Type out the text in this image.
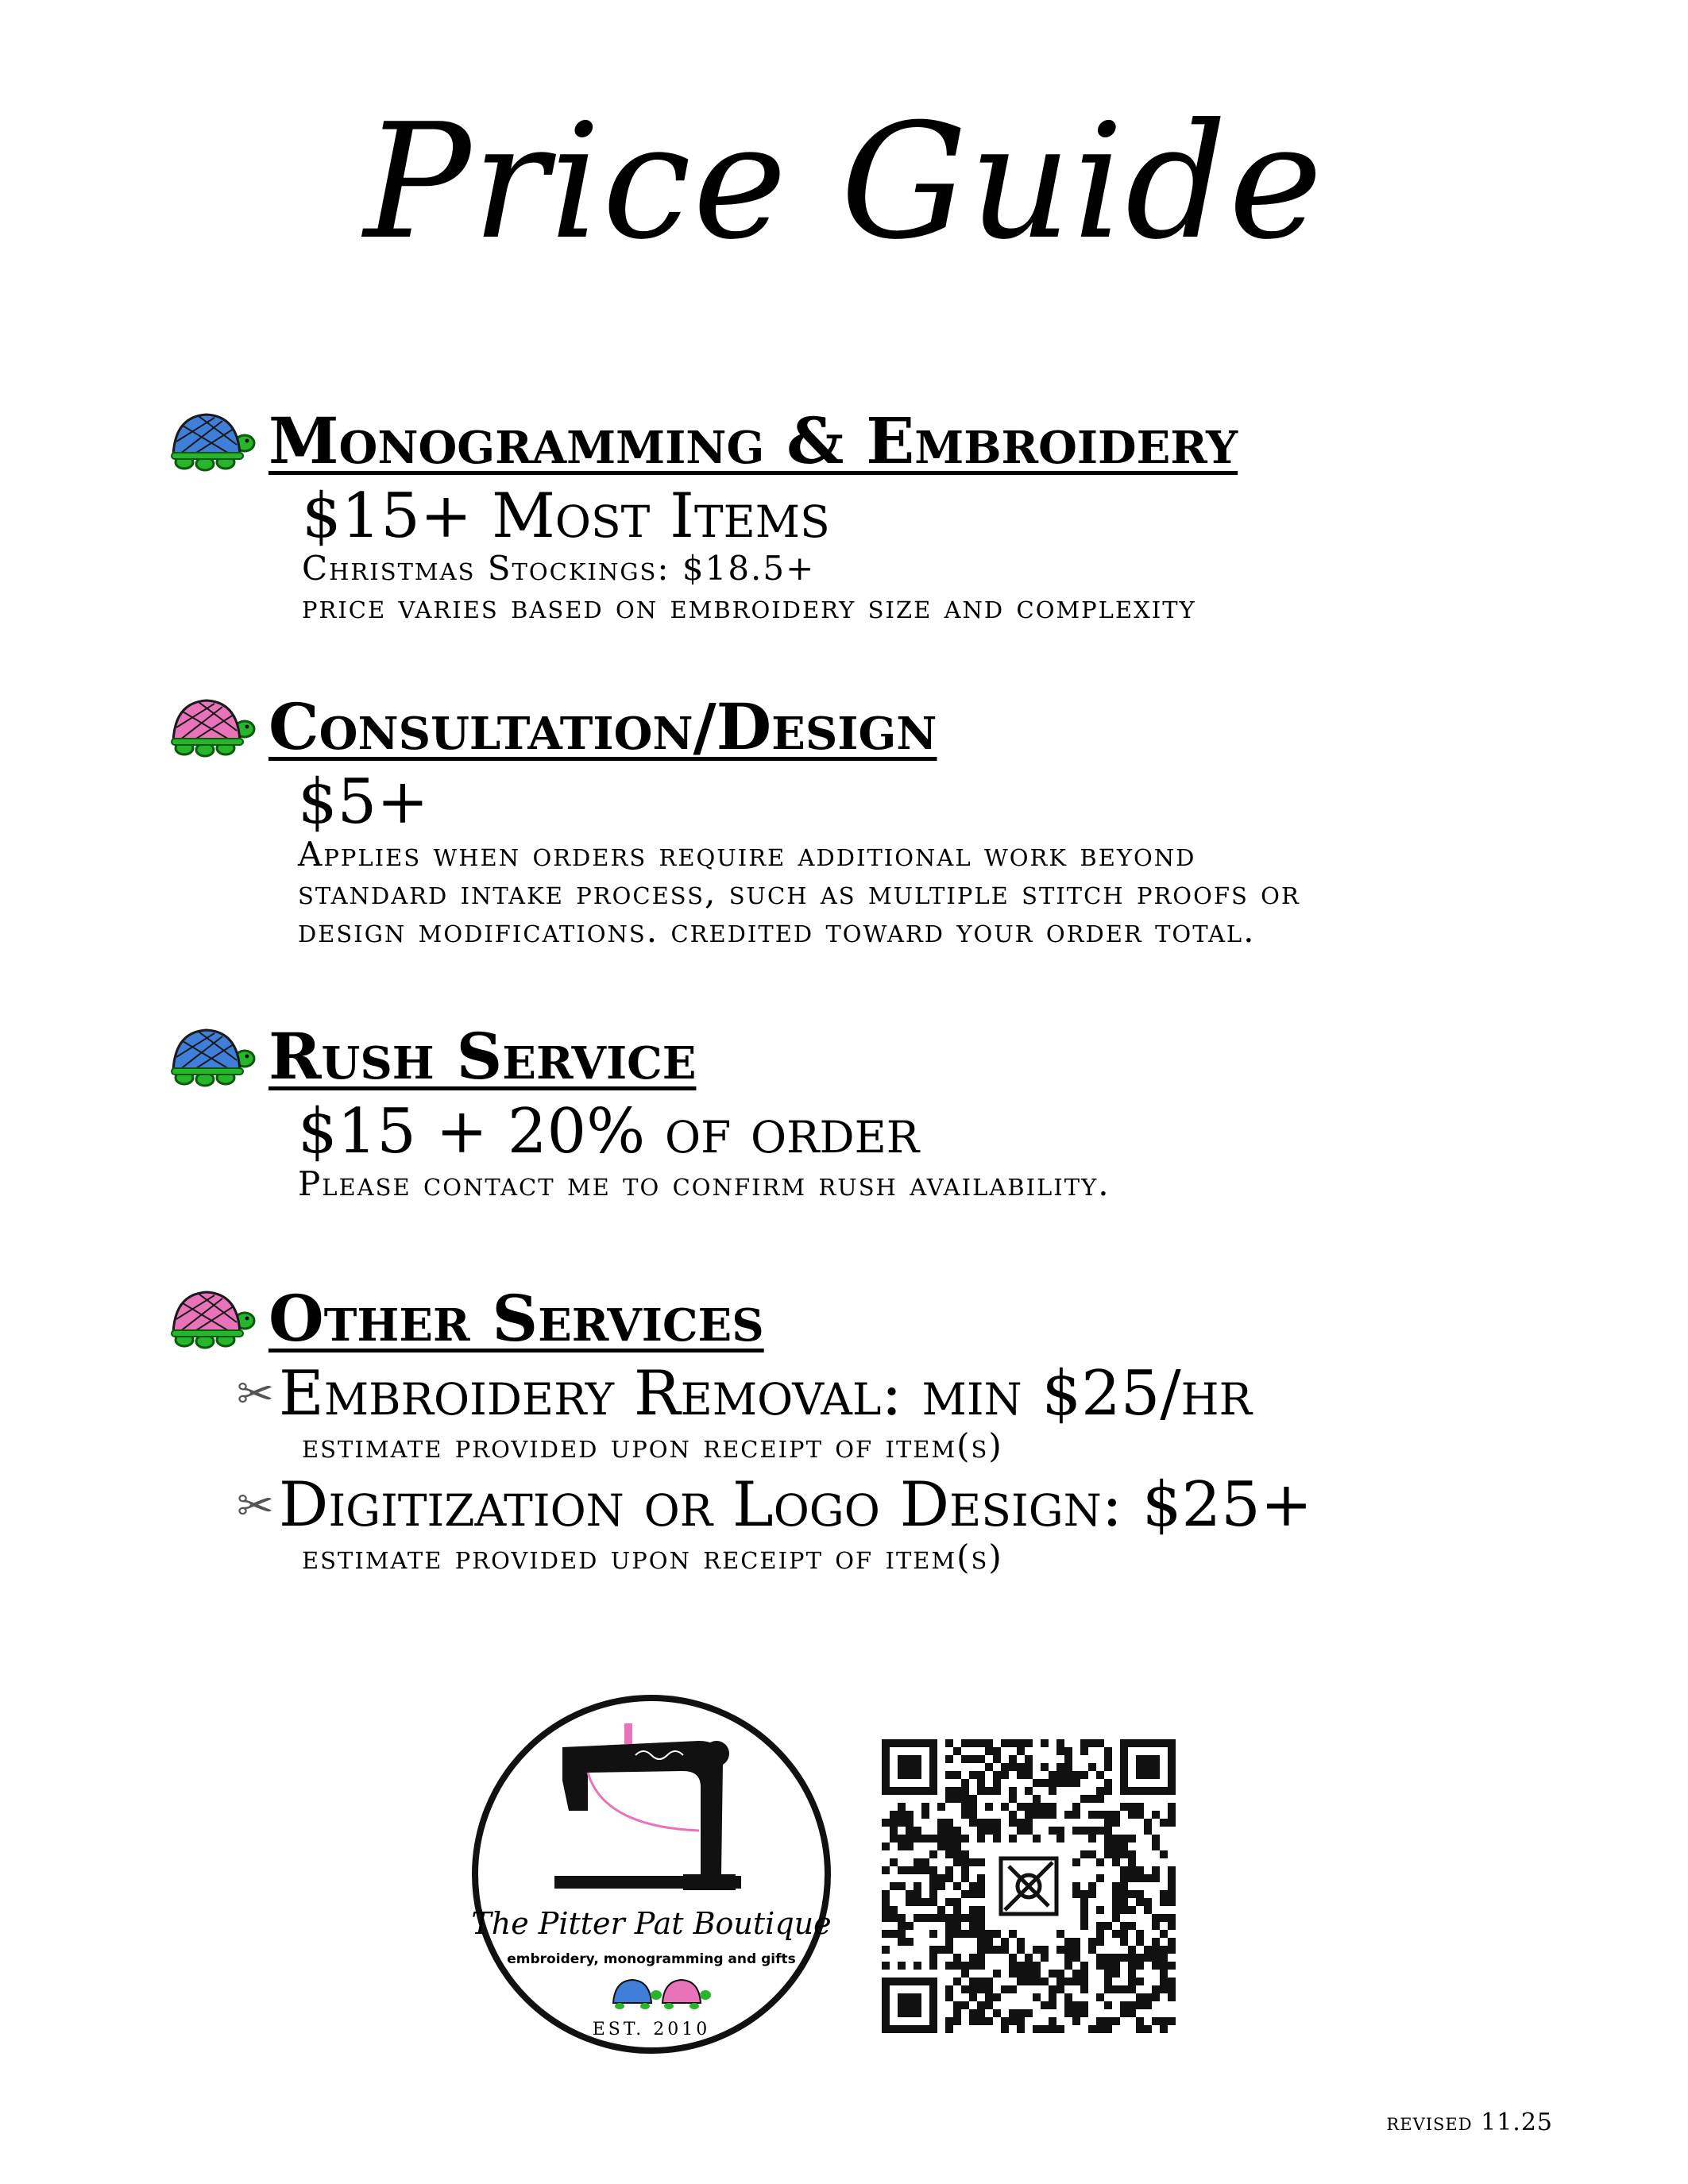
Price Guide
Monogramming & Embroidery
$15+ Most Items
Christmas Stockings: $18.5+
price varies based on embroidery size and complexity
Consultation/Design
$5+
Applies when orders require additional work beyond
standard intake process, such as multiple stitch proofs or
design modifications. credited toward your order total.
Rush Service
$15 + 20% of order
Please contact me to confirm rush availability.
Other Services
✂ Embroidery Removal: min $25/hr
estimate provided upon receipt of item(s)
✂ Digitization or Logo Design: $25+
estimate provided upon receipt of item(s)
The Pitter Pat Boutique
embroidery, monogramming and gifts
EST. 2010
revised 11.25
